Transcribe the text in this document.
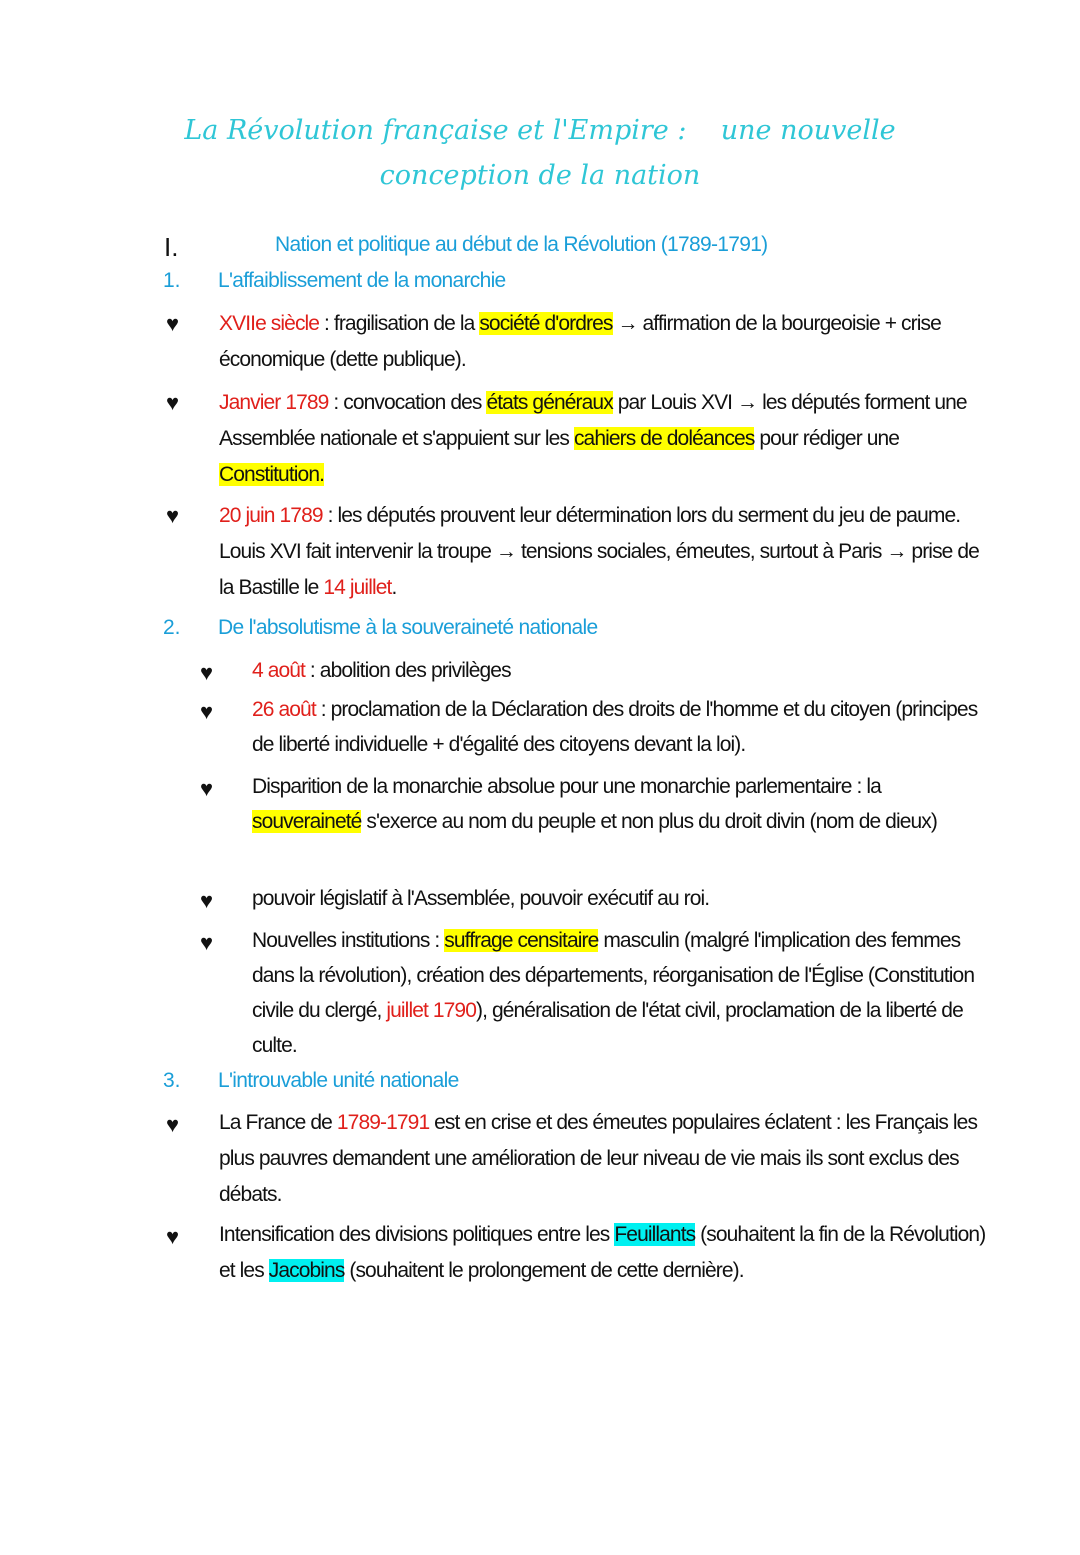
La Révolution française et l'Empire :    une nouvelle
conception de la nation
I.	Nation et politique au début de la Révolution (1789-1791)
1. L'affaiblissement de la monarchie
♥ XVIIe siècle : fragilisation de la société d'ordres → affirmation de la bourgeoisie + crise économique (dette publique).
♥ Janvier 1789 : convocation des états généraux par Louis XVI → les députés forment une Assemblée nationale et s'appuient sur les cahiers de doléances pour rédiger une Constitution.
♥ 20 juin 1789 : les députés prouvent leur détermination lors du serment du jeu de paume. Louis XVI fait intervenir la troupe → tensions sociales, émeutes, surtout à Paris → prise de la Bastille le 14 juillet.
2. De l'absolutisme à la souveraineté nationale
♥ 4 août : abolition des privilèges
♥ 26 août : proclamation de la Déclaration des droits de l'homme et du citoyen (principes de liberté individuelle + d'égalité des citoyens devant la loi).
♥ Disparition de la monarchie absolue pour une monarchie parlementaire : la souveraineté s'exerce au nom du peuple et non plus du droit divin (nom de dieux)
♥ pouvoir législatif à l'Assemblée, pouvoir exécutif au roi.
♥ Nouvelles institutions : suffrage censitaire masculin (malgré l'implication des femmes dans la révolution), création des départements, réorganisation de l'Église (Constitution civile du clergé, juillet 1790), généralisation de l'état civil, proclamation de la liberté de culte.
3. L'introuvable unité nationale
♥ La France de 1789-1791 est en crise et des émeutes populaires éclatent : les Français les plus pauvres demandent une amélioration de leur niveau de vie mais ils sont exclus des débats.
♥ Intensification des divisions politiques entre les Feuillants (souhaitent la fin de la Révolution) et les Jacobins (souhaitent le prolongement de cette dernière).
